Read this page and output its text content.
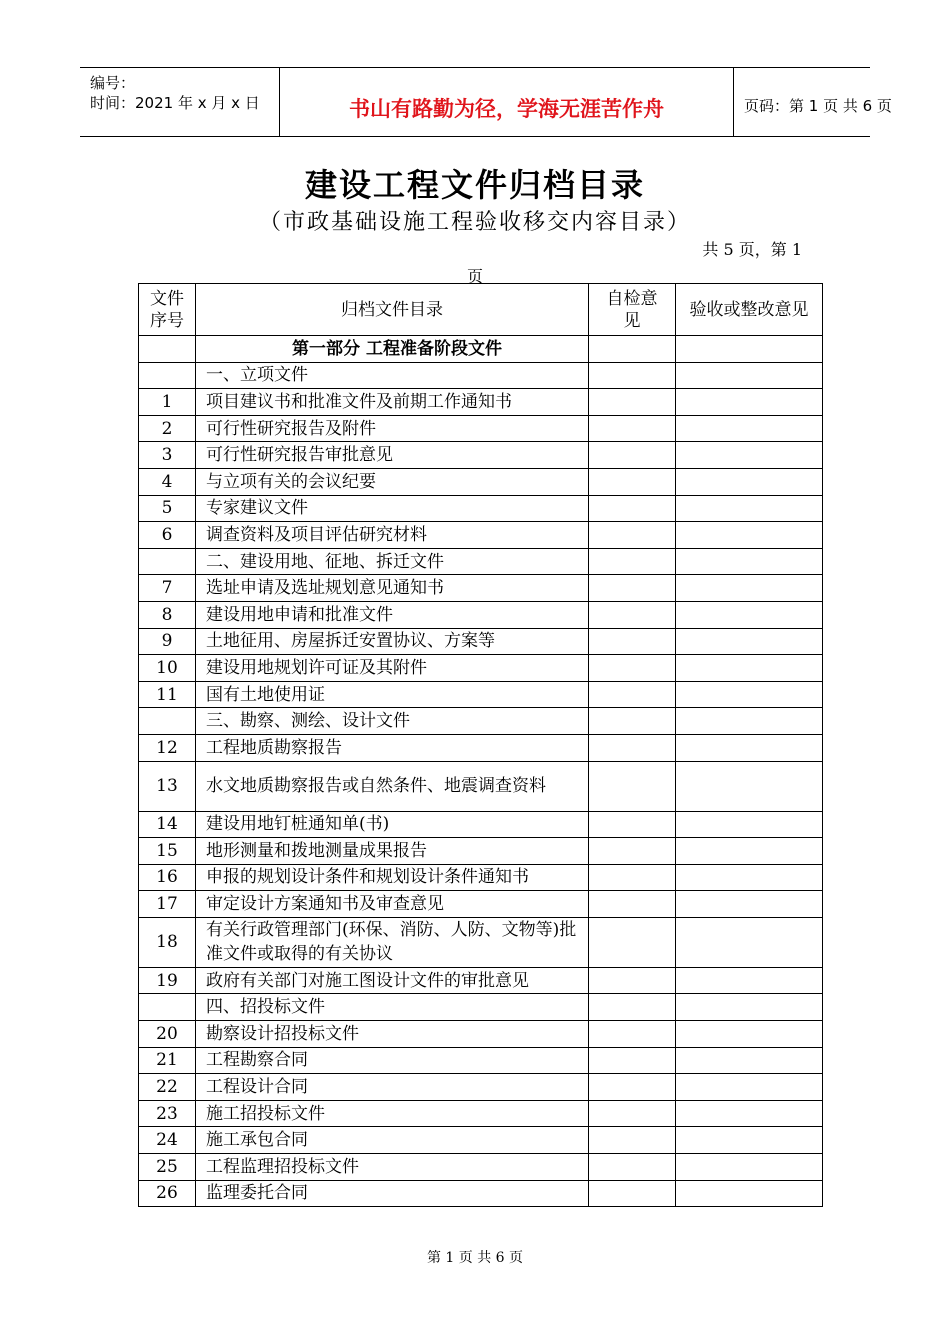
编号：
时间：2021 年 x 月 x 日	书山有路勤为径，学海无涯苦作舟	页码：第 1 页 共 6 页
建设工程文件归档目录
（市政基础设施工程验收移交内容目录）
共 5 页，第 1
页
文件序号	归档文件目录	自检意见	验收或整改意见
	第一部分 工程准备阶段文件		
	一、立项文件		
1	项目建议书和批准文件及前期工作通知书		
2	可行性研究报告及附件		
3	可行性研究报告审批意见		
4	与立项有关的会议纪要		
5	专家建议文件		
6	调查资料及项目评估研究材料		
	二、建设用地、征地、拆迁文件		
7	选址申请及选址规划意见通知书		
8	建设用地申请和批准文件		
9	土地征用、房屋拆迁安置协议、方案等		
10	建设用地规划许可证及其附件		
11	国有土地使用证		
	三、勘察、测绘、设计文件		
12	工程地质勘察报告		
13	水文地质勘察报告或自然条件、地震调查资料		
14	建设用地钉桩通知单(书)		
15	地形测量和拨地测量成果报告		
16	申报的规划设计条件和规划设计条件通知书		
17	审定设计方案通知书及审查意见		
18	有关行政管理部门(环保、消防、人防、文物等)批准文件或取得的有关协议		
19	政府有关部门对施工图设计文件的审批意见		
	四、招投标文件		
20	勘察设计招投标文件		
21	工程勘察合同		
22	工程设计合同		
23	施工招投标文件		
24	施工承包合同		
25	工程监理招投标文件		
26	监理委托合同		
第 1 页 共 6 页
